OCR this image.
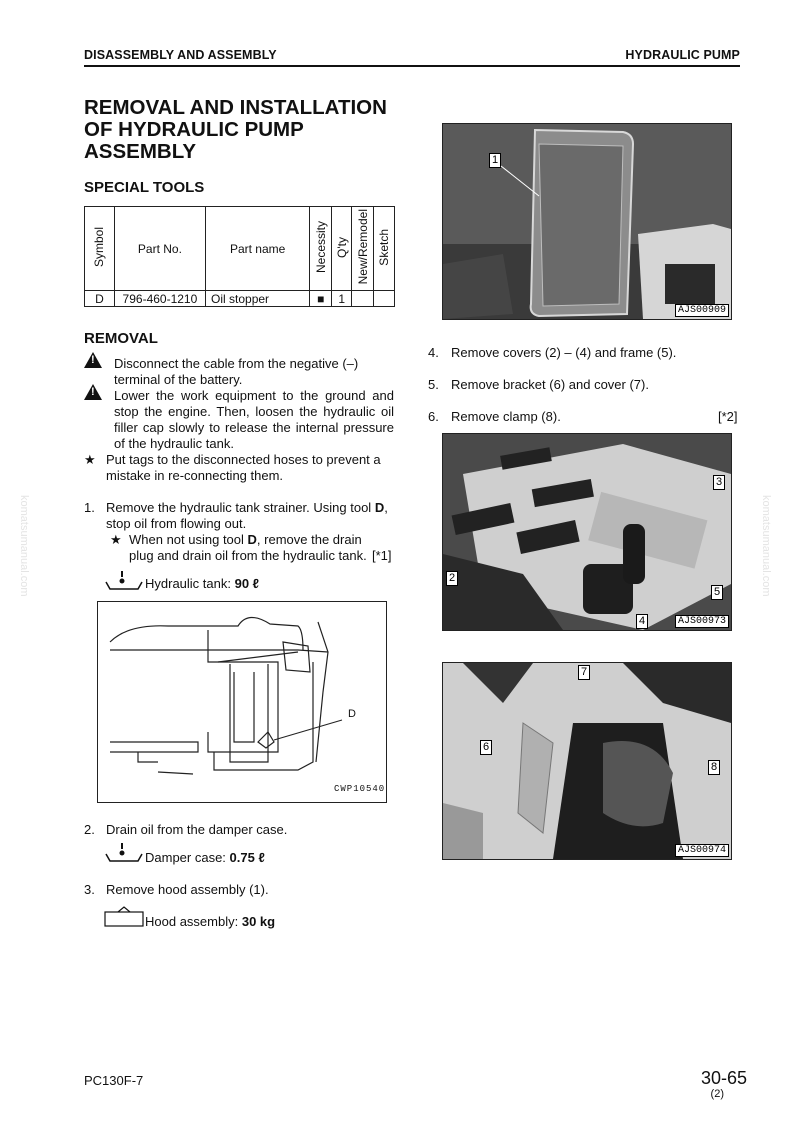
DISASSEMBLY AND ASSEMBLY	HYDRAULIC PUMP
komatsumanual.com	komatsumanual.com
REMOVAL AND INSTALLATION OF HYDRAULIC PUMP ASSEMBLY
SPECIAL TOOLS
Symbol	Part No.	Part name	Necessity	Q'ty	New/Remodel	Sketch
D	796-460-1210	Oil stopper	■	1		
REMOVAL
!
Disconnect the cable from the negative (–) terminal of the battery.
!
Lower the work equipment to the ground and stop the engine. Then, loosen the hydraulic oil filler cap slowly to release the internal pressure of the hydraulic tank.
★ Put tags to the disconnected hoses to prevent a mistake in re-connecting them.
1. Remove the hydraulic tank strainer. Using tool D, stop oil from flowing out.
★ When not using tool D, remove the drain plug and drain oil from the hydraulic tank. [*1]
Hydraulic tank: 90 ℓ
D
CWP10540
2. Drain oil from the damper case.
Damper case: 0.75 ℓ
3. Remove hood assembly (1).
Hood assembly: 30 kg
1
AJS00909
4. Remove covers (2) – (4) and frame (5).
5. Remove bracket (6) and cover (7).
6. Remove clamp (8).	[*2]
3
2
5
4	AJS00973
7
6
8
AJS00974
PC130F-7	30-65
(2)
